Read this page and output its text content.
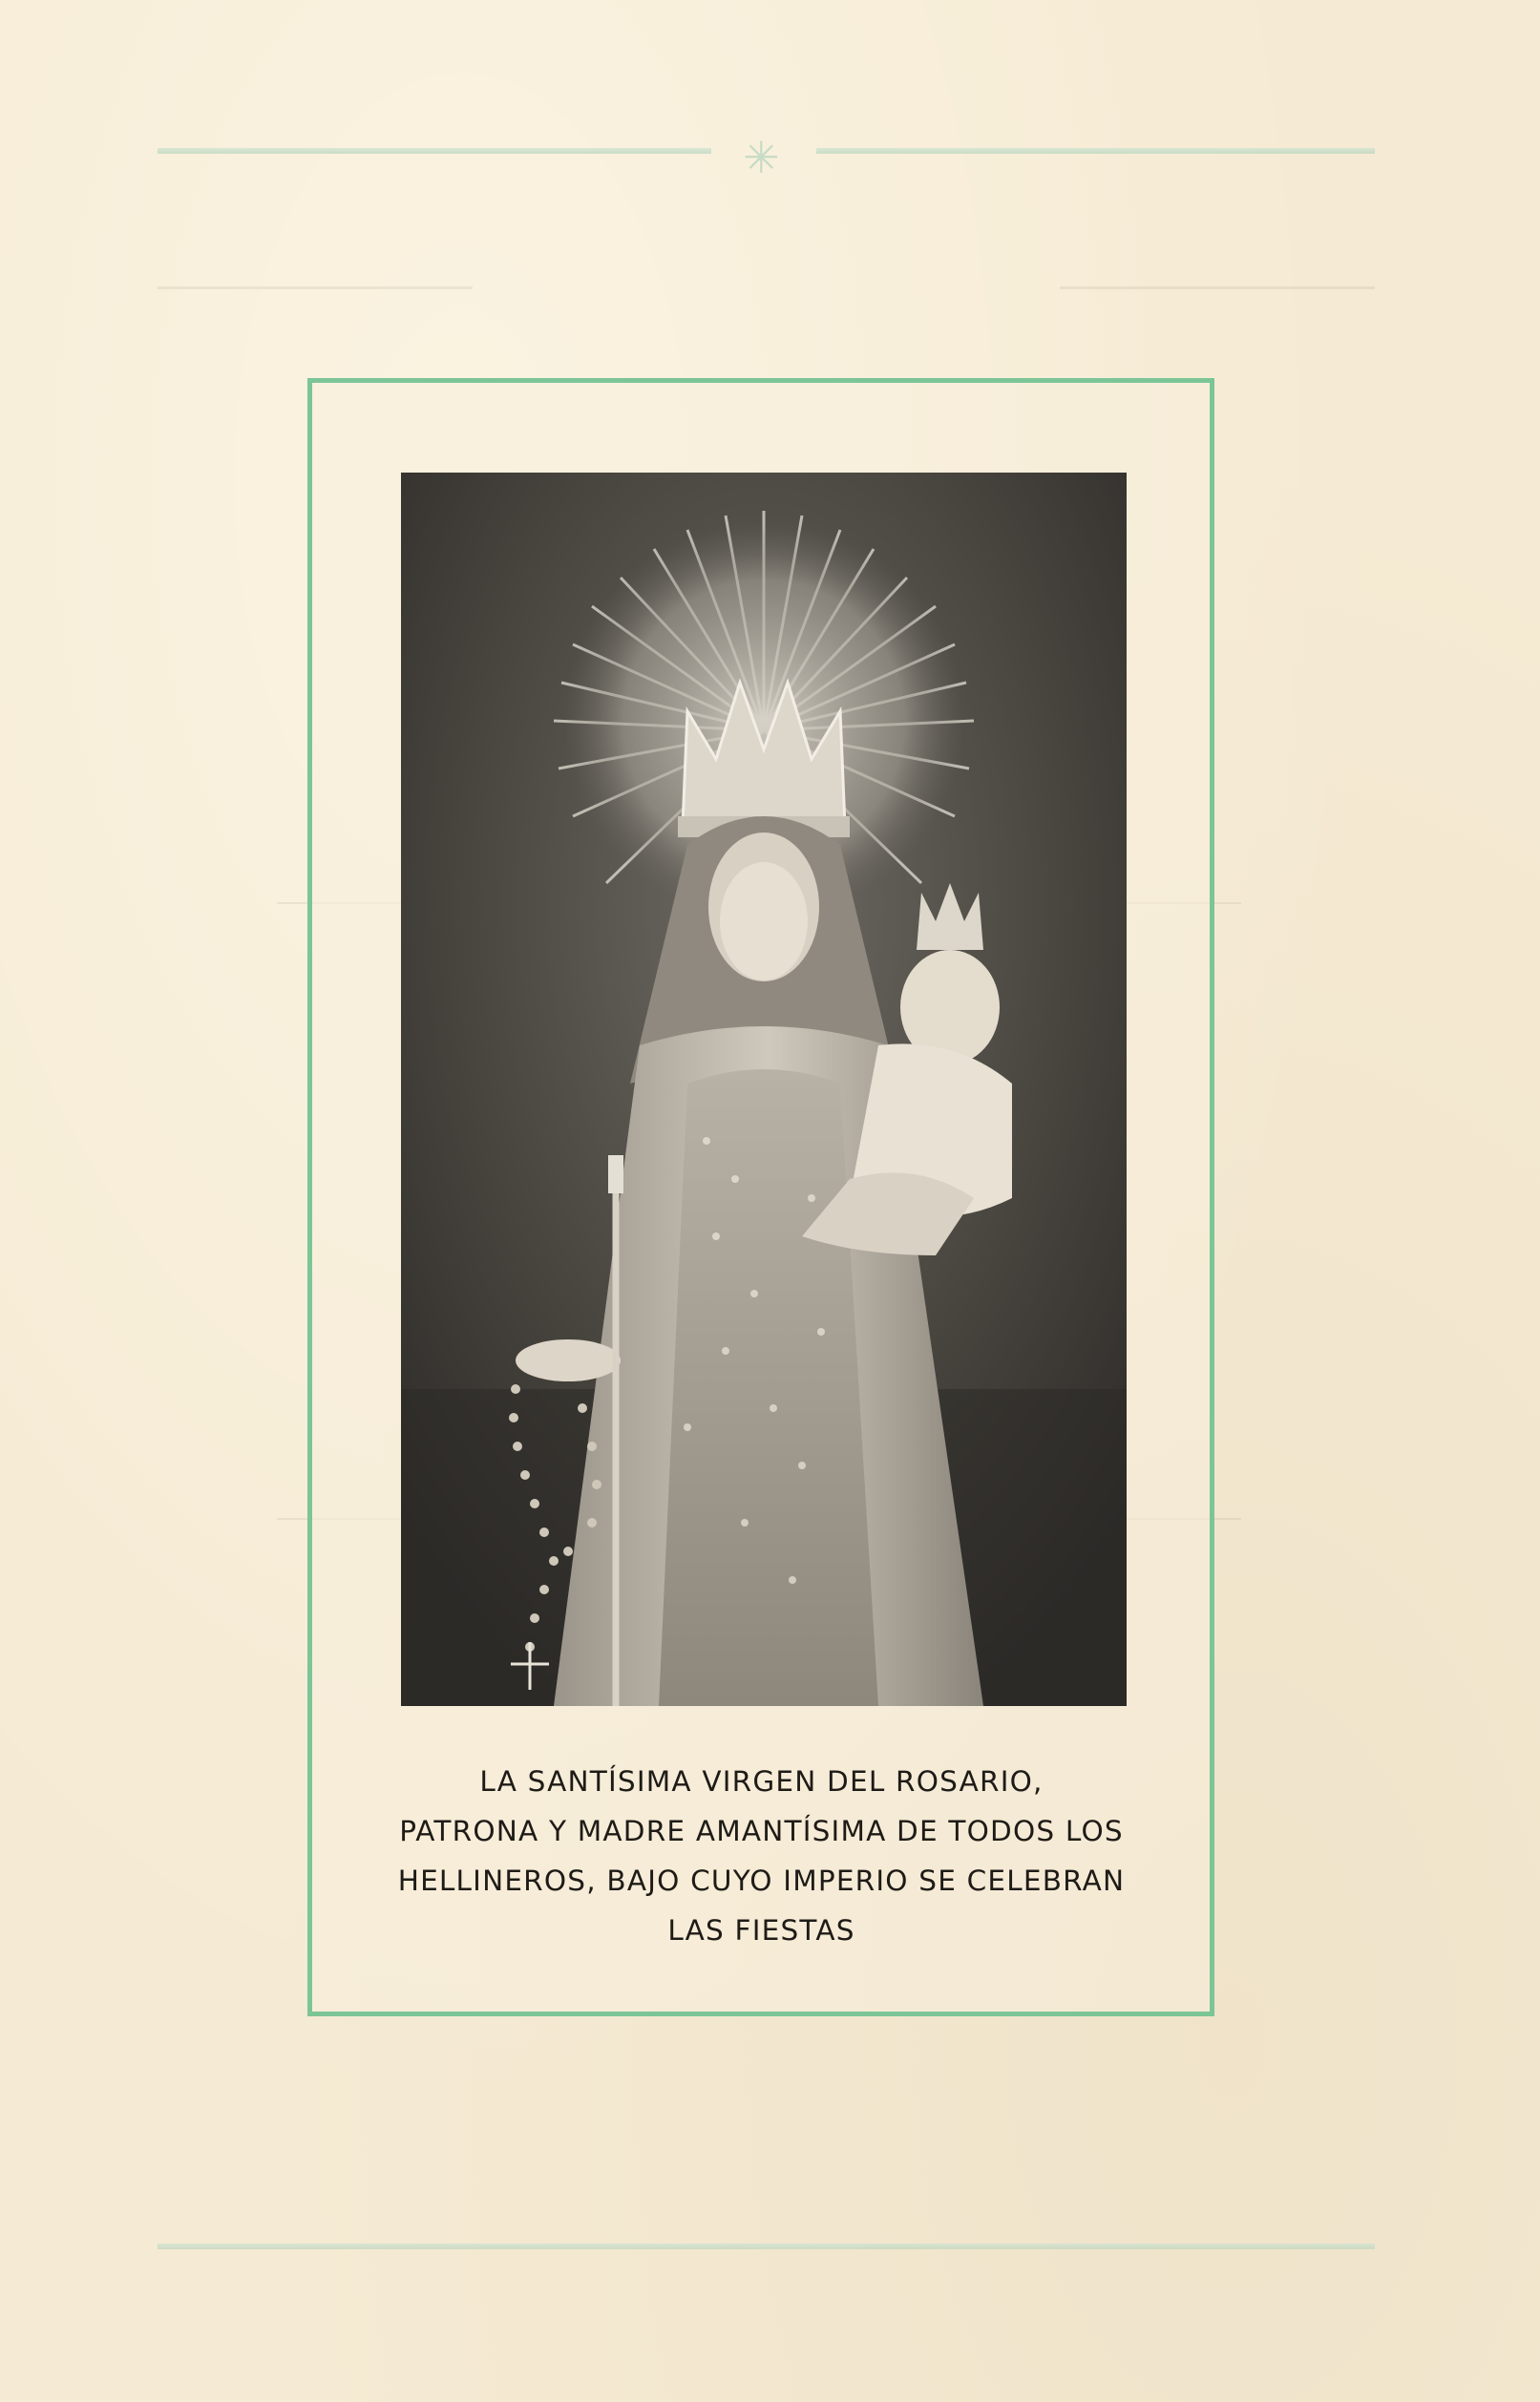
✳
LA SANTÍSIMA VIRGEN DEL ROSARIO,
PATRONA Y MADRE AMANTÍSIMA DE TODOS LOS
HELLINEROS, BAJO CUYO IMPERIO SE CELEBRAN
LAS FIESTAS
